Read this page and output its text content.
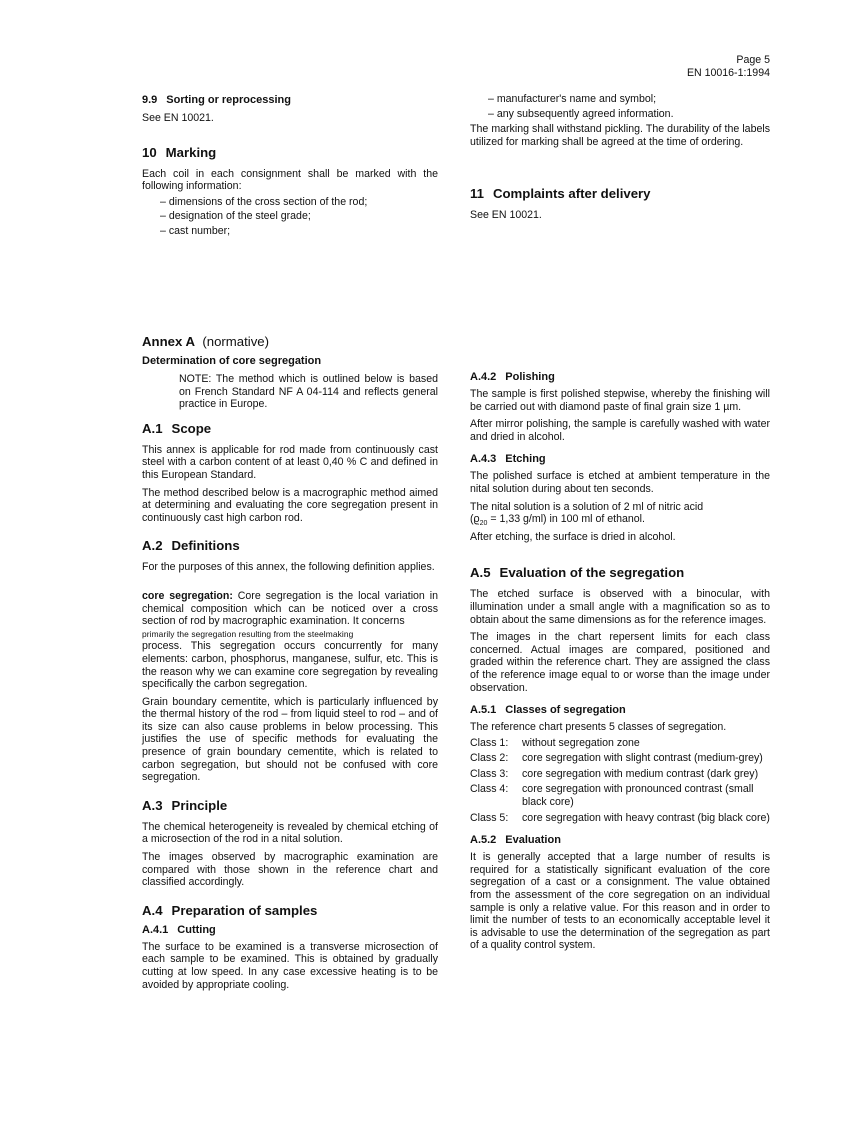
Page 5
EN 10016-1:1994
9.9 Sorting or reprocessing

See EN 10021.

10 Marking

Each coil in each consignment shall be marked with the following information:

– dimensions of the cross section of the rod;
– designation of the steel grade;
– cast number;
– manufacturer's name and symbol;
– any subsequently agreed information.

The marking shall withstand pickling. The durability of the labels utilized for marking shall be agreed at the time of ordering.

11 Complaints after delivery

See EN 10021.

Annex A (normative)
Determination of core segregation

NOTE: The method which is outlined below is based on French Standard NF A 04-114 and reflects general practice in Europe.

A.1 Scope

This annex is applicable for rod made from continuously cast steel with a carbon content of at least 0,40 % C and defined in this European Standard.

The method described below is a macrographic method aimed at determining and evaluating the core segregation present in continuously cast high carbon rod.

A.2 Definitions

For the purposes of this annex, the following definition applies.

core segregation: Core segregation is the local variation in chemical composition which can be noticed over a cross section of rod by macrographic examination. It concerns

primarily the segregation resulting from the steelmaking

process. This segregation occurs concurrently for many elements: carbon, phosphorus, manganese, sulfur, etc. This is the reason why we can examine core segregation by revealing specifically the carbon segregation.

Grain boundary cementite, which is particularly influenced by the thermal history of the rod – from liquid steel to rod – and of its size can also cause problems in below processing. This justifies the use of specific methods for evaluating the presence of grain boundary cementite, which is related to carbon segregation, but should not be confused with core segregation.

A.3 Principle

The chemical heterogeneity is revealed by chemical etching of a microsection of the rod in a nital solution.

The images observed by macrographic examination are compared with those shown in the reference chart and classified accordingly.

A.4 Preparation of samples
A.4.1 Cutting

The surface to be examined is a transverse microsection of each sample to be examined. This is obtained by gradually cutting at low speed. In any case excessive heating is to be avoided by appropriate cooling.

A.4.2 Polishing

The sample is first polished stepwise, whereby the finishing will be carried out with diamond paste of final grain size 1 µm.

After mirror polishing, the sample is carefully washed with water and dried in alcohol.

A.4.3 Etching

The polished surface is etched at ambient temperature in the nital solution during about ten seconds.

The nital solution is a solution of 2 ml of nitric acid

($ϱ_{20} = 1,33$ g/ml) in 100 ml of ethanol.

After etching, the surface is dried in alcohol.

A.5 Evaluation of the segregation

The etched surface is observed with a binocular, with illumination under a small angle with a magnification so as to obtain about the same dimensions as for the reference images.

The images in the chart repersent limits for each class concerned. Actual images are compared, positioned and graded within the reference chart. They are assigned the class of the reference image equal to or worse than the image under observation.

A.5.1 Classes of segregation

The reference chart presents 5 classes of segregation.

Class 1:	without segregation zone
Class 2:	core segregation with slight contrast (medium-grey)
Class 3:	core segregation with medium contrast (dark grey)
Class 4:	core segregation with pronounced contrast (small black core)
Class 5:	core segregation with heavy contrast (big black core)
A.5.2 Evaluation

It is generally accepted that a large number of results is required for a statistically significant evaluation of the core segregation of a cast or a consignment. The value obtained from the assessment of the core segregation on an individual sample is only a relative value. For this reason and in order to limit the number of tests to an economically acceptable level it is advisable to use the determination of the segregation as part of a quality control system.
